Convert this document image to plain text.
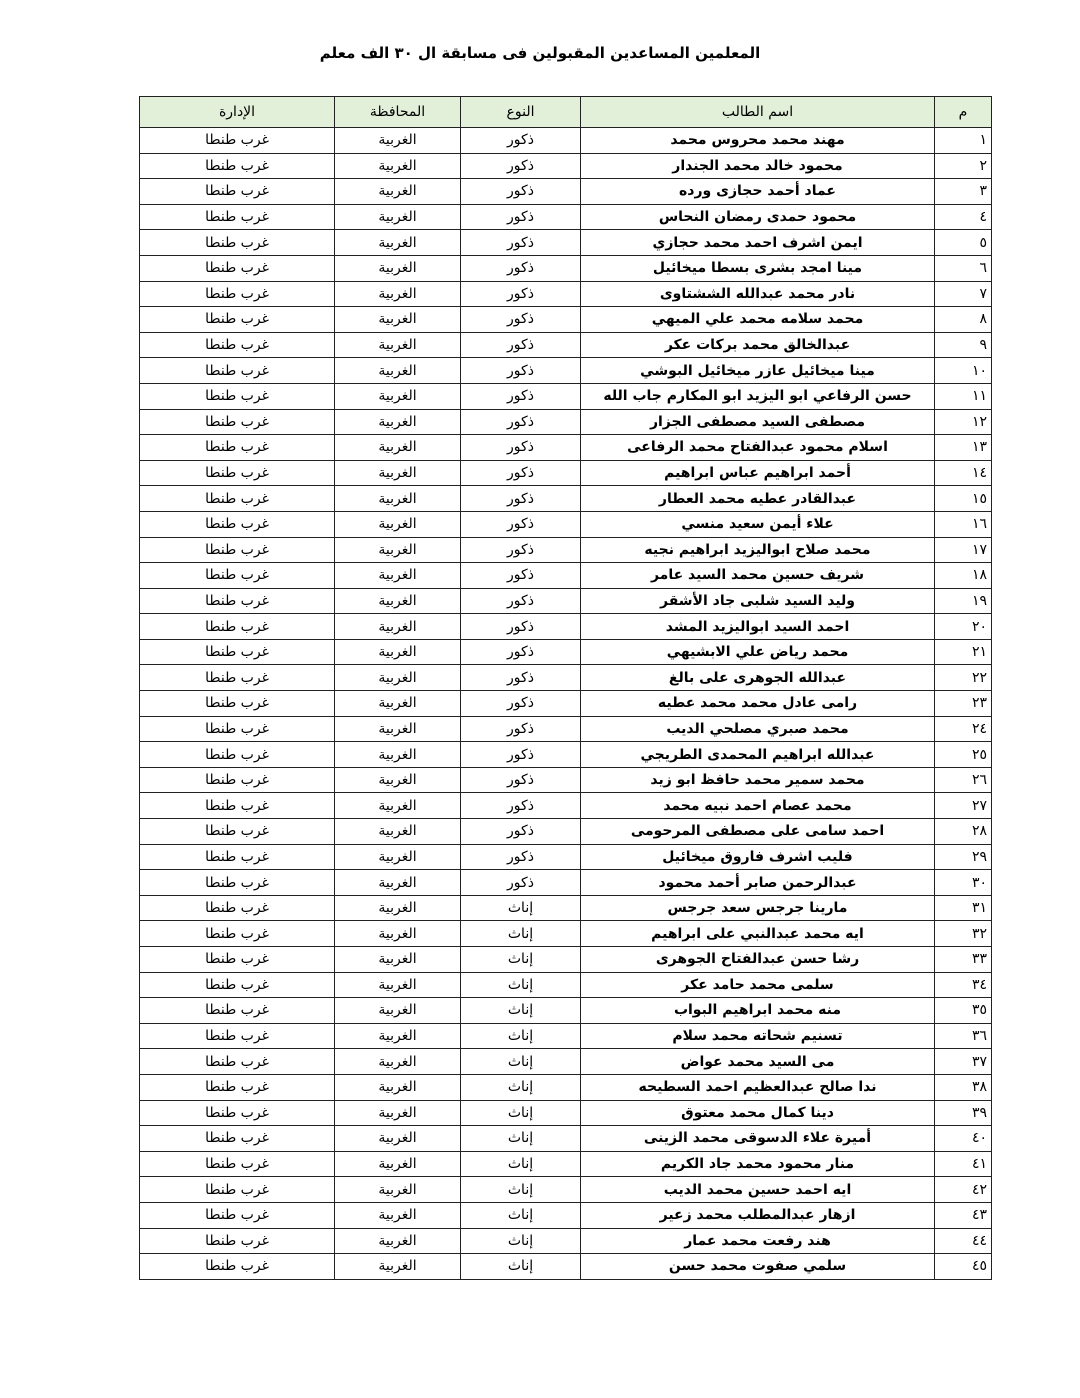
المعلمين المساعدين المقبولين فى مسابقة ال ٣٠ الف معلم
م	اسم الطالب	النوع	المحافظة	الإدارة
١	مهند محمد محروس محمد	ذكور	الغربية	غرب طنطا
٢	محمود خالد محمد الجندار	ذكور	الغربية	غرب طنطا
٣	عماد أحمد حجازى ورده	ذكور	الغربية	غرب طنطا
٤	محمود حمدى رمضان النحاس	ذكور	الغربية	غرب طنطا
٥	ايمن اشرف احمد محمد حجازي	ذكور	الغربية	غرب طنطا
٦	مينا امجد بشرى بسطا ميخائيل	ذكور	الغربية	غرب طنطا
٧	نادر محمد عبدالله الششتاوى	ذكور	الغربية	غرب طنطا
٨	محمد سلامه محمد علي الميهي	ذكور	الغربية	غرب طنطا
٩	عبدالخالق محمد بركات عكر	ذكور	الغربية	غرب طنطا
١٠	مينا ميخائيل عازر ميخائيل البوشي	ذكور	الغربية	غرب طنطا
١١	حسن الرفاعي ابو اليزيد ابو المكارم جاب الله	ذكور	الغربية	غرب طنطا
١٢	مصطفى السيد مصطفى الجزار	ذكور	الغربية	غرب طنطا
١٣	اسلام محمود عبدالفتاح محمد الرفاعى	ذكور	الغربية	غرب طنطا
١٤	أحمد ابراهيم عباس ابراهيم	ذكور	الغربية	غرب طنطا
١٥	عبدالقادر عطيه محمد العطار	ذكور	الغربية	غرب طنطا
١٦	علاء أيمن سعيد منسي	ذكور	الغربية	غرب طنطا
١٧	محمد صلاح ابواليزيد ابراهيم نجيه	ذكور	الغربية	غرب طنطا
١٨	شريف حسين محمد السيد عامر	ذكور	الغربية	غرب طنطا
١٩	وليد السيد شلبى جاد الأشقر	ذكور	الغربية	غرب طنطا
٢٠	احمد السيد ابواليزيد المشد	ذكور	الغربية	غرب طنطا
٢١	محمد رياض علي الابشيهي	ذكور	الغربية	غرب طنطا
٢٢	عبدالله الجوهرى على بالغ	ذكور	الغربية	غرب طنطا
٢٣	رامى عادل محمد محمد عطيه	ذكور	الغربية	غرب طنطا
٢٤	محمد صبري مصلحي الديب	ذكور	الغربية	غرب طنطا
٢٥	عبدالله ابراهيم المحمدى الطريجي	ذكور	الغربية	غرب طنطا
٢٦	محمد سمير محمد حافظ ابو زيد	ذكور	الغربية	غرب طنطا
٢٧	محمد عصام احمد نبيه محمد	ذكور	الغربية	غرب طنطا
٢٨	احمد سامى على مصطفى المرحومى	ذكور	الغربية	غرب طنطا
٢٩	فليب اشرف فاروق ميخائيل	ذكور	الغربية	غرب طنطا
٣٠	عبدالرحمن صابر أحمد محمود	ذكور	الغربية	غرب طنطا
٣١	مارينا جرجس سعد جرجس	إناث	الغربية	غرب طنطا
٣٢	ايه محمد عبدالنبي على ابراهيم	إناث	الغربية	غرب طنطا
٣٣	رشا حسن عبدالفتاح الجوهرى	إناث	الغربية	غرب طنطا
٣٤	سلمى محمد حامد عكر	إناث	الغربية	غرب طنطا
٣٥	منه محمد ابراهيم البواب	إناث	الغربية	غرب طنطا
٣٦	تسنيم شحاته محمد سلام	إناث	الغربية	غرب طنطا
٣٧	مى السيد محمد عواض	إناث	الغربية	غرب طنطا
٣٨	ندا صالح عبدالعظيم احمد السطيحه	إناث	الغربية	غرب طنطا
٣٩	دينا كمال محمد معتوق	إناث	الغربية	غرب طنطا
٤٠	أميرة علاء الدسوقى محمد الزينى	إناث	الغربية	غرب طنطا
٤١	منار محمود محمد جاد الكريم	إناث	الغربية	غرب طنطا
٤٢	ايه احمد حسين محمد الديب	إناث	الغربية	غرب طنطا
٤٣	ازهار عبدالمطلب محمد زعير	إناث	الغربية	غرب طنطا
٤٤	هند رفعت محمد عمار	إناث	الغربية	غرب طنطا
٤٥	سلمي صفوت محمد حسن	إناث	الغربية	غرب طنطا
